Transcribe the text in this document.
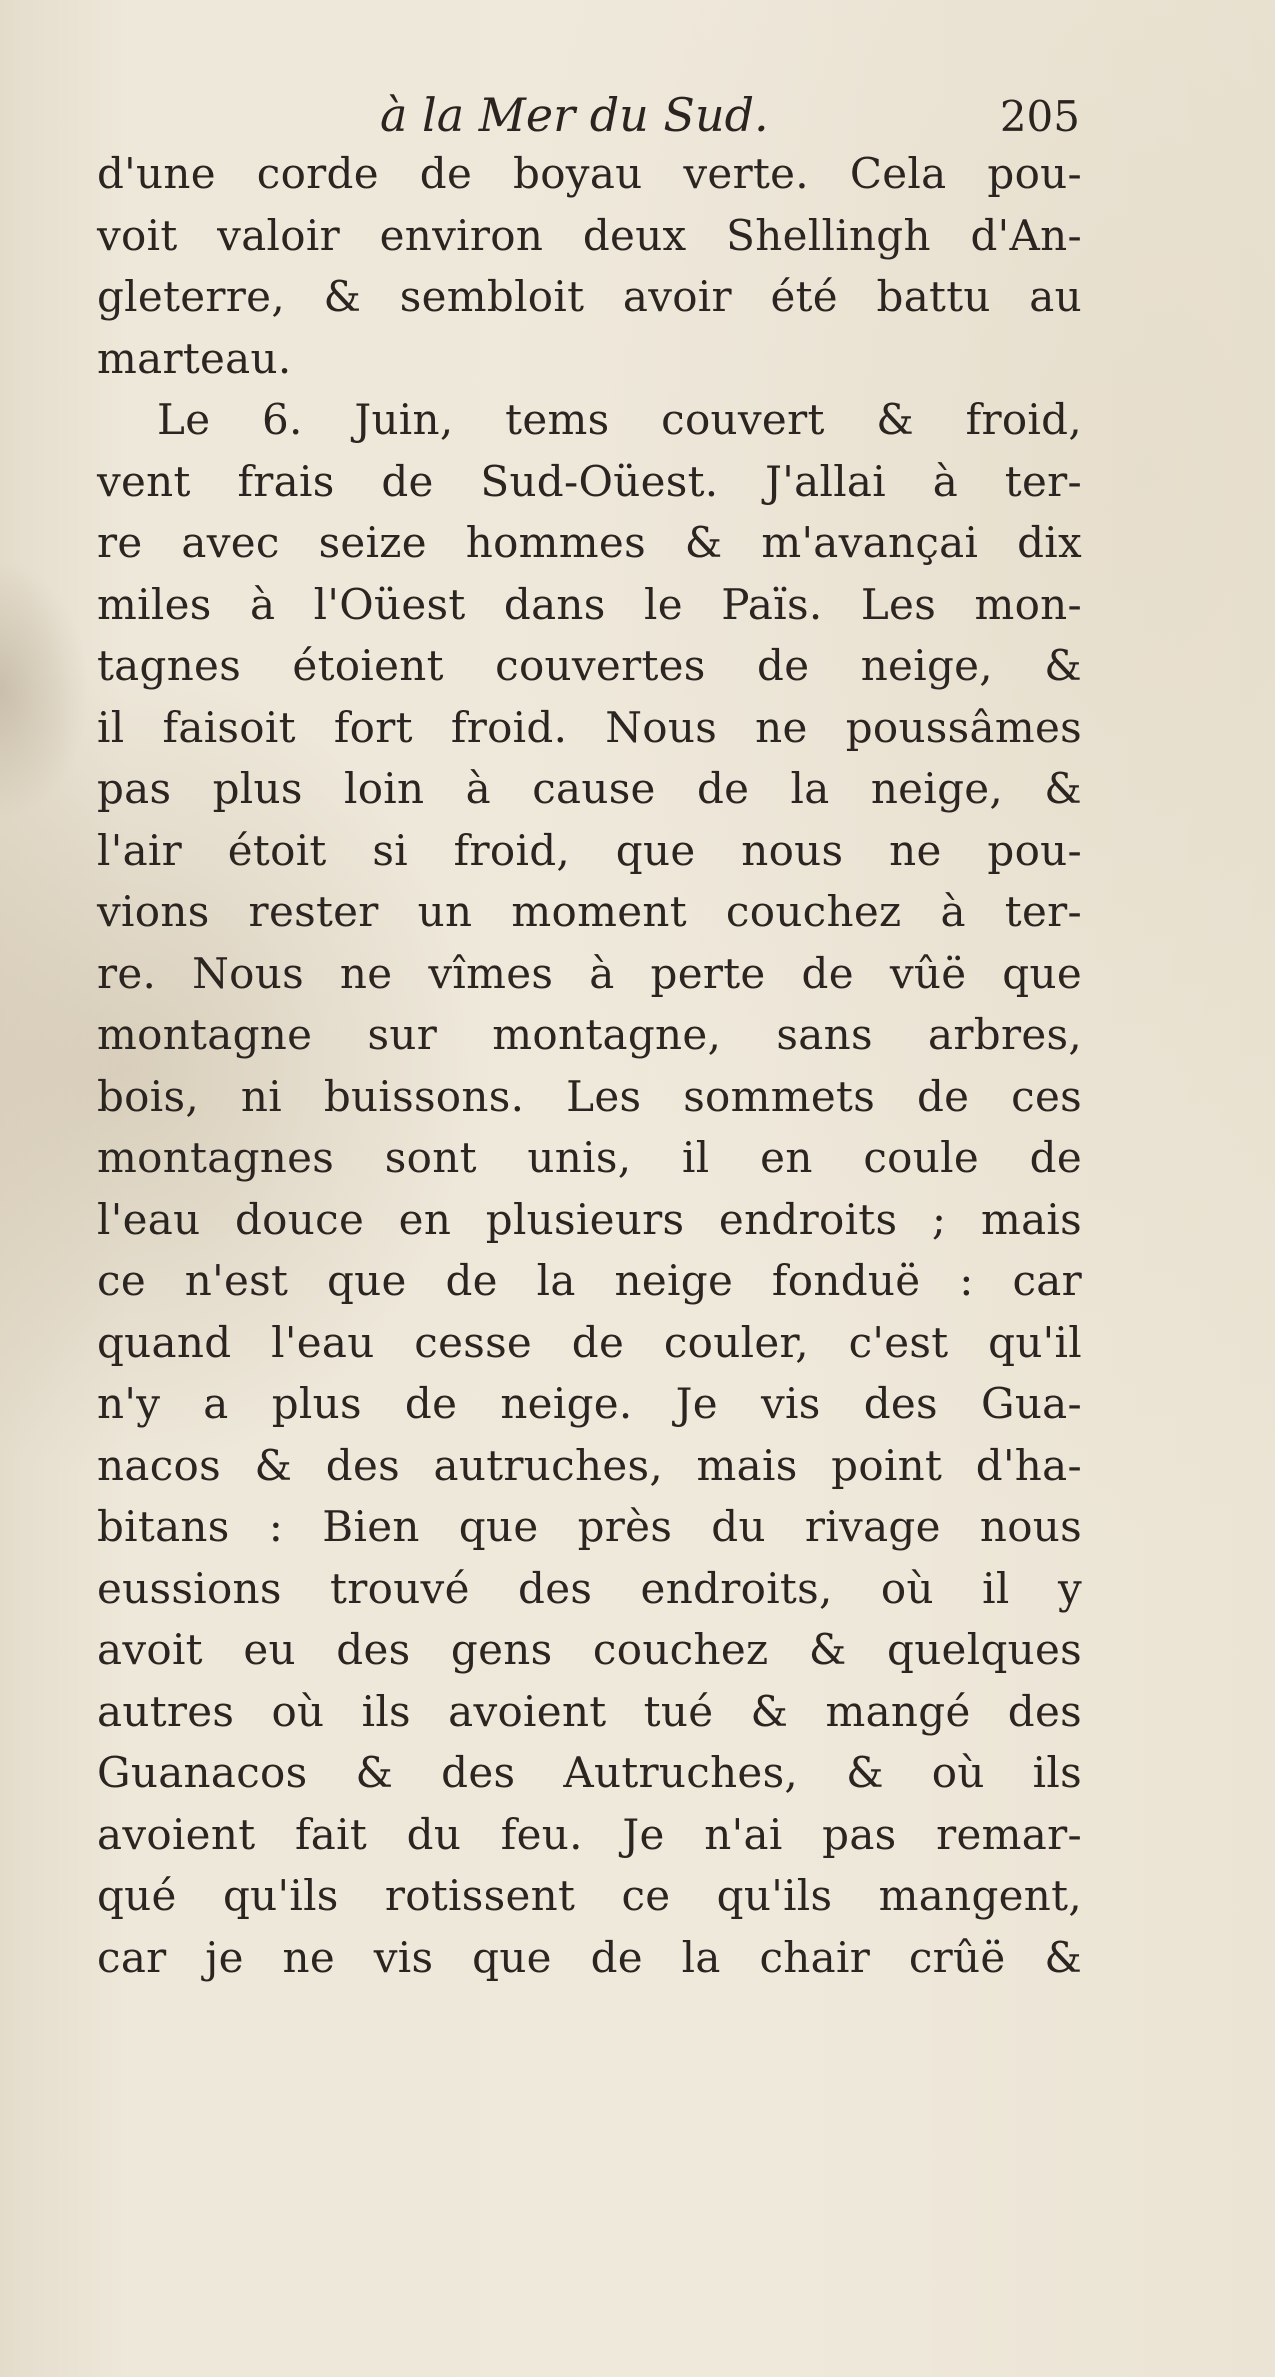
à la Mer du Sud.	205
d'une corde de boyau verte. Cela pou-
voit valoir environ deux Shellingh d'An-
gleterre, & sembloit avoir été battu au
marteau.
Le 6. Juin, tems couvert & froid,
vent frais de Sud-Oüest. J'allai à ter-
re avec seize hommes & m'avançai dix
miles à l'Oüest dans le Païs. Les mon-
tagnes étoient couvertes de neige, &
il faisoit fort froid. Nous ne poussâmes
pas plus loin à cause de la neige, &
l'air étoit si froid, que nous ne pou-
vions rester un moment couchez à ter-
re. Nous ne vîmes à perte de vûë que
montagne sur montagne, sans arbres,
bois, ni buissons. Les sommets de ces
montagnes sont unis, il en coule de
l'eau douce en plusieurs endroits ; mais
ce n'est que de la neige fonduë : car
quand l'eau cesse de couler, c'est qu'il
n'y a plus de neige. Je vis des Gua-
nacos & des autruches, mais point d'ha-
bitans : Bien que près du rivage nous
eussions trouvé des endroits, où il y
avoit eu des gens couchez & quelques
autres où ils avoient tué & mangé des
Guanacos & des Autruches, & où ils
avoient fait du feu. Je n'ai pas remar-
qué qu'ils rotissent ce qu'ils mangent,
car je ne vis que de la chair crûë &
